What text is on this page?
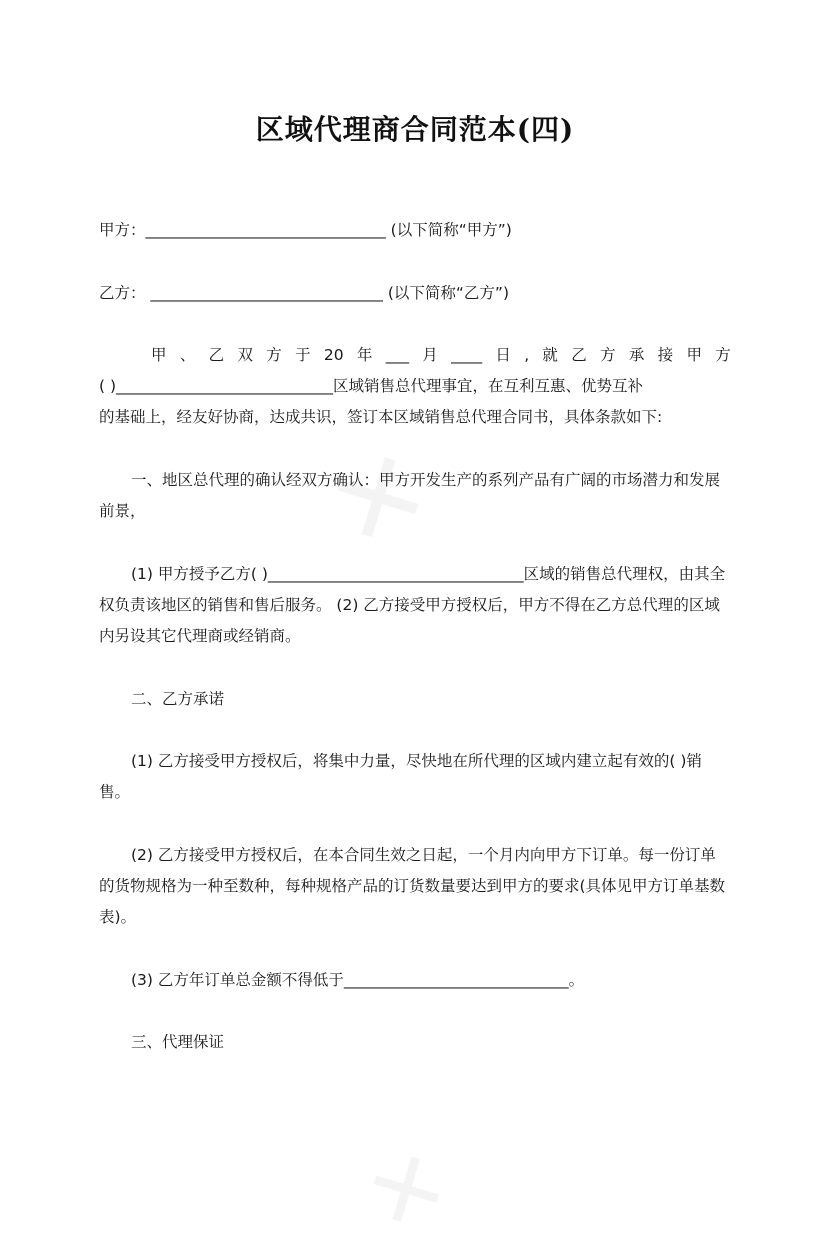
✕
✕
区域代理商合同范本(四)

甲方：_______________________________ (以下简称“甲方”)

乙方： ______________________________ (以下简称“乙方”)

甲 、 乙 双 方 于 20 年 ___ 月 ____ 日 , 就 乙 方 承 接 甲 方
( )____________________________区域销售总代理事宜，在互利互惠、优势互补
的基础上，经友好协商，达成共识，签订本区域销售总代理合同书，具体条款如下:

一、地区总代理的确认经双方确认：甲方开发生产的系列产品有广阔的市场潜力和发展前景，

(1) 甲方授予乙方( )_________________________________区域的销售总代理权，由其全权负责该地区的销售和售后服务。 (2) 乙方接受甲方授权后，甲方不得在乙方总代理的区域内另设其它代理商或经销商。

二、乙方承诺

(1) 乙方接受甲方授权后，将集中力量，尽快地在所代理的区域内建立起有效的( )销售。

(2) 乙方接受甲方授权后，在本合同生效之日起，一个月内向甲方下订单。每一份订单的货物规格为一种至数种，每种规格产品的订货数量要达到甲方的要求(具体见甲方订单基数表)。

(3) 乙方年订单总金额不得低于_____________________________。

三、代理保证
